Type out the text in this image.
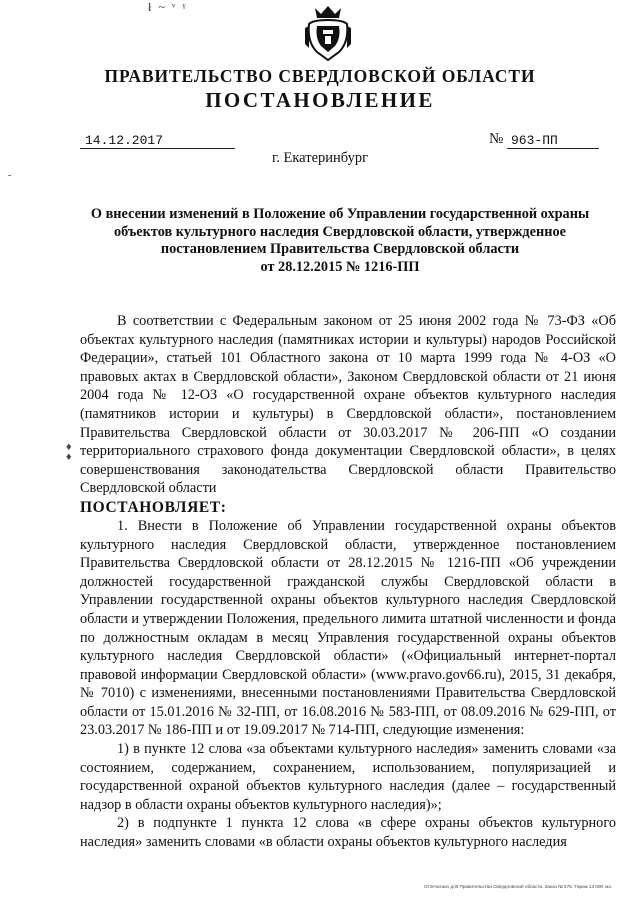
ł ~ ᵛ ᵞ
-
ПРАВИТЕЛЬСТВО СВЕРДЛОВСКОЙ ОБЛАСТИ
ПОСТАНОВЛЕНИЕ
14.12.2017	№ 963-ПП
г. Екатеринбург
О внесении изменений в Положение об Управлении государственной охраны
объектов культурного наследия Свердловской области, утвержденное
постановлением Правительства Свердловской области
от 28.12.2015 № 1216-ПП
♦
♦

В соответствии с Федеральным законом от 25 июня 2002 года № 73-ФЗ «Об объектах культурного наследия (памятниках истории и культуры) народов Российской Федерации», статьей 101 Областного закона от 10 марта 1999 года № 4-ОЗ «О правовых актах в Свердловской области», Законом Свердловской области от 21 июня 2004 года № 12-ОЗ «О государственной охране объектов культурного наследия (памятников истории и культуры) в Свердловской области», постановлением Правительства Свердловской области от 30.03.2017 № 206-ПП «О создании территориального страхового фонда документации Свердловской области», в целях совершенствования законодательства Свердловской области Правительство Свердловской области

ПОСТАНОВЛЯЕТ:

1. Внести в Положение об Управлении государственной охраны объектов культурного наследия Свердловской области, утвержденное постановлением Правительства Свердловской области от 28.12.2015 № 1216-ПП «Об учреждении должностей государственной гражданской службы Свердловской области в Управлении государственной охраны объектов культурного наследия Свердловской области и утверждении Положения, предельного лимита штатной численности и фонда по должностным окладам в месяц Управления государственной охраны объектов культурного наследия Свердловской области» («Официальный интернет-портал правовой информации Свердловской области» (www.pravo.gov66.ru), 2015, 31 декабря, № 7010) с изменениями, внесенными постановлениями Правительства Свердловской области от 15.01.2016 № 32-ПП, от 16.08.2016 № 583-ПП, от 08.09.2016 № 629-ПП, от 23.03.2017 № 186-ПП и от 19.09.2017 № 714-ПП, следующие изменения:

1) в пункте 12 слова «за объектами культурного наследия» заменить словами «за состоянием, содержанием, сохранением, использованием, популяризацией и государственной охраной объектов культурного наследия (далее – государственный надзор в области охраны объектов культурного наследия)»;

2) в подпункте 1 пункта 12 слова «в сфере охраны объектов культурного наследия» заменить словами «в области охраны объектов культурного наследия

Отпечатано для Правительства Свердловской области. Заказ № 575. Тираж 14 000 экз.
